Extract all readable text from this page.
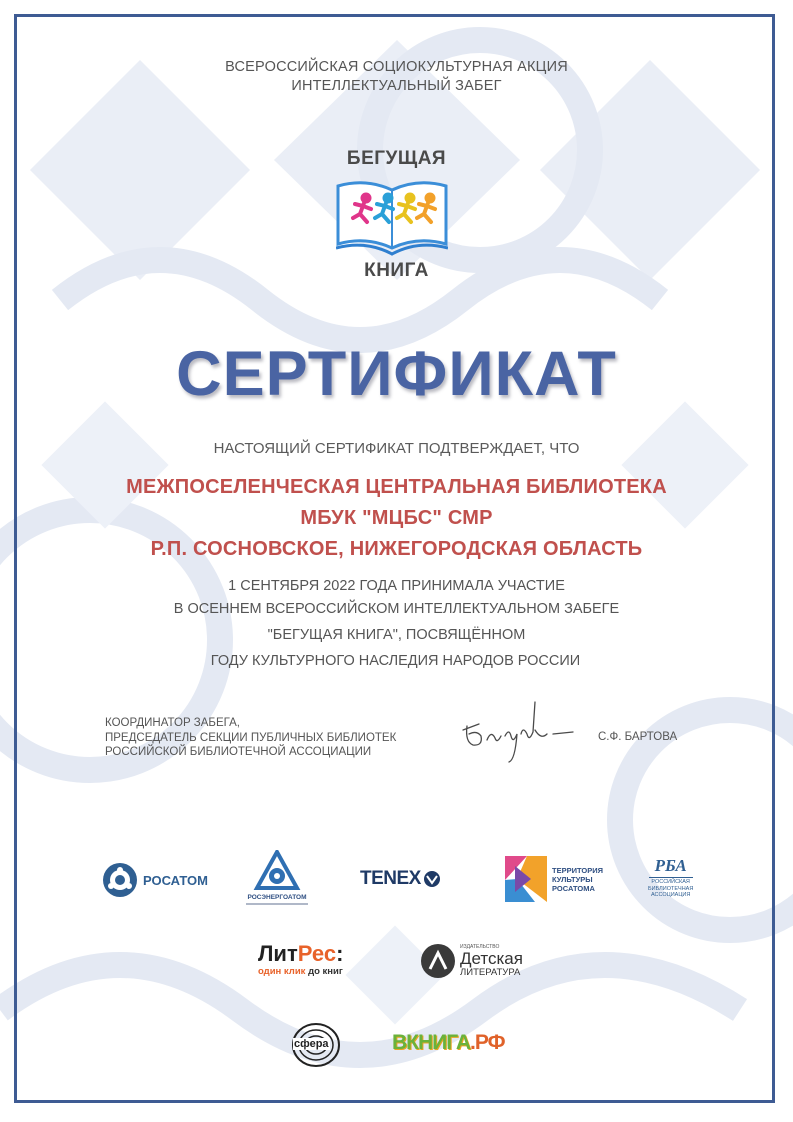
ВСЕРОССИЙСКАЯ СОЦИОКУЛЬТУРНАЯ АКЦИЯ
ИНТЕЛЛЕКТУАЛЬНЫЙ ЗАБЕГ
БЕГУЩАЯ
КНИГА
СЕРТИФИКАТ
НАСТОЯЩИЙ СЕРТИФИКАТ ПОДТВЕРЖДАЕТ, ЧТО
МЕЖПОСЕЛЕНЧЕСКАЯ ЦЕНТРАЛЬНАЯ БИБЛИОТЕКА
МБУК "МЦБС" СМР
Р.П. СОСНОВСКОЕ, НИЖЕГОРОДСКАЯ ОБЛАСТЬ
1 СЕНТЯБРЯ 2022 ГОДА ПРИНИМАЛА УЧАСТИЕ
В ОСЕННЕМ ВСЕРОССИЙСКОМ ИНТЕЛЛЕКТУАЛЬНОМ ЗАБЕГЕ
"БЕГУЩАЯ КНИГА", ПОСВЯЩЁННОМ
ГОДУ КУЛЬТУРНОГО НАСЛЕДИЯ НАРОДОВ РОССИИ
КООРДИНАТОР ЗАБЕГА,
ПРЕДСЕДАТЕЛЬ СЕКЦИИ ПУБЛИЧНЫХ БИБЛИОТЕК
РОССИЙСКОЙ БИБЛИОТЕЧНОЙ АССОЦИАЦИИ
С.Ф. БАРТОВА
РОСАТОМ
РОСЭНЕРГОАТОМ
TENEX	ТЕРРИТОРИЯ
КУЛЬТУРЫ
РОСАТОМА
РБА
РОССИЙСКАЯ
БИБЛИОТЕЧНАЯ
АССОЦИАЦИЯ
ЛитРес:
один клик до книг
ИЗДАТЕЛЬСТВО
Детская
ЛИТЕРАТУРА
сфера	ВКНИГА .РФ
